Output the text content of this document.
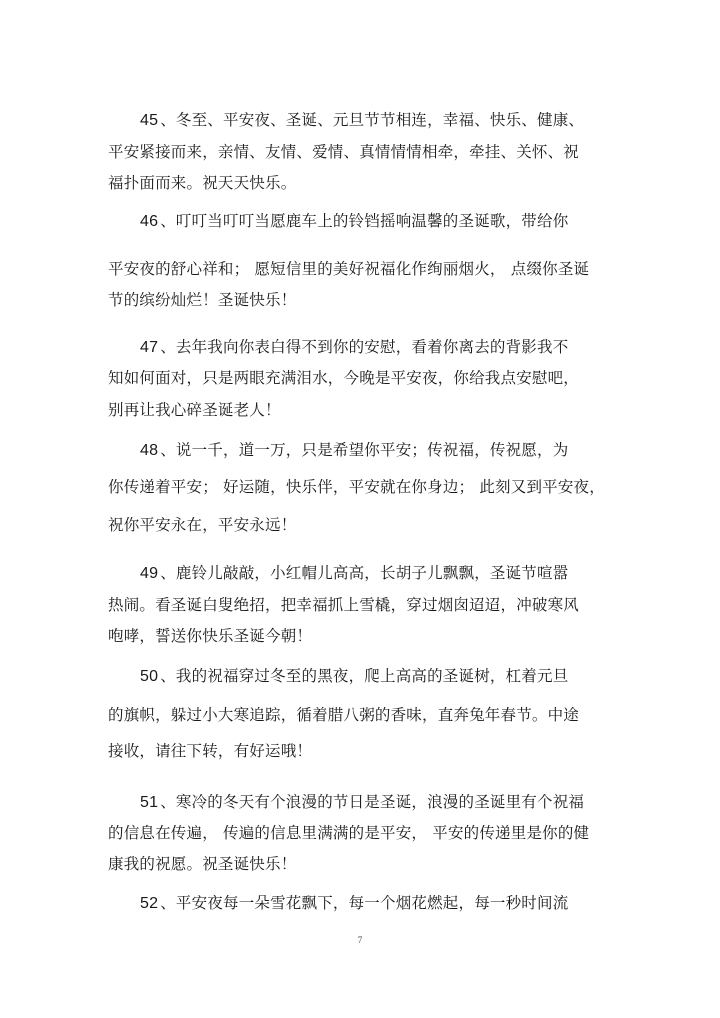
45 、冬至、平安夜、圣诞、元旦节节相连，幸福、快乐、健康、
平安紧接而来，亲情、友情、爱情、真情情情相牵，牵挂、关怀、祝
福扑面而来。祝天天快乐。
46 、叮叮当叮叮当愿鹿车上的铃铛摇响温馨的圣诞歌，带给你
平安夜的舒心祥和； 愿短信里的美好祝福化作绚丽烟火， 点缀你圣诞
节的缤纷灿烂！圣诞快乐！
47 、去年我向你表白得不到你的安慰，看着你离去的背影我不
知如何面对，只是两眼充满泪水，今晚是平安夜，你给我点安慰吧，
别再让我心碎圣诞老人！
48 、说一千，道一万，只是希望你平安；传祝福，传祝愿，为
你传递着平安； 好运随，快乐伴，平安就在你身边； 此刻又到平安夜，
祝你平安永在，平安永远！
49 、鹿铃儿敲敲，小红帽儿高高，长胡子儿飘飘，圣诞节喧嚣
热闹。看圣诞白叟绝招，把幸福抓上雪橇，穿过烟囱迢迢，冲破寒风
咆哮，誓送你快乐圣诞今朝！
50 、我的祝福穿过冬至的黑夜，爬上高高的圣诞树，杠着元旦
的旗帜，躲过小大寒追踪，循着腊八粥的香味，直奔兔年春节。中途
接收，请往下转，有好运哦！
51 、寒冷的冬天有个浪漫的节日是圣诞，浪漫的圣诞里有个祝福
的信息在传遍， 传遍的信息里满满的是平安， 平安的传递里是你的健
康我的祝愿。祝圣诞快乐！
52 、平安夜每一朵雪花飘下，每一个烟花燃起，每一秒时间流
7
